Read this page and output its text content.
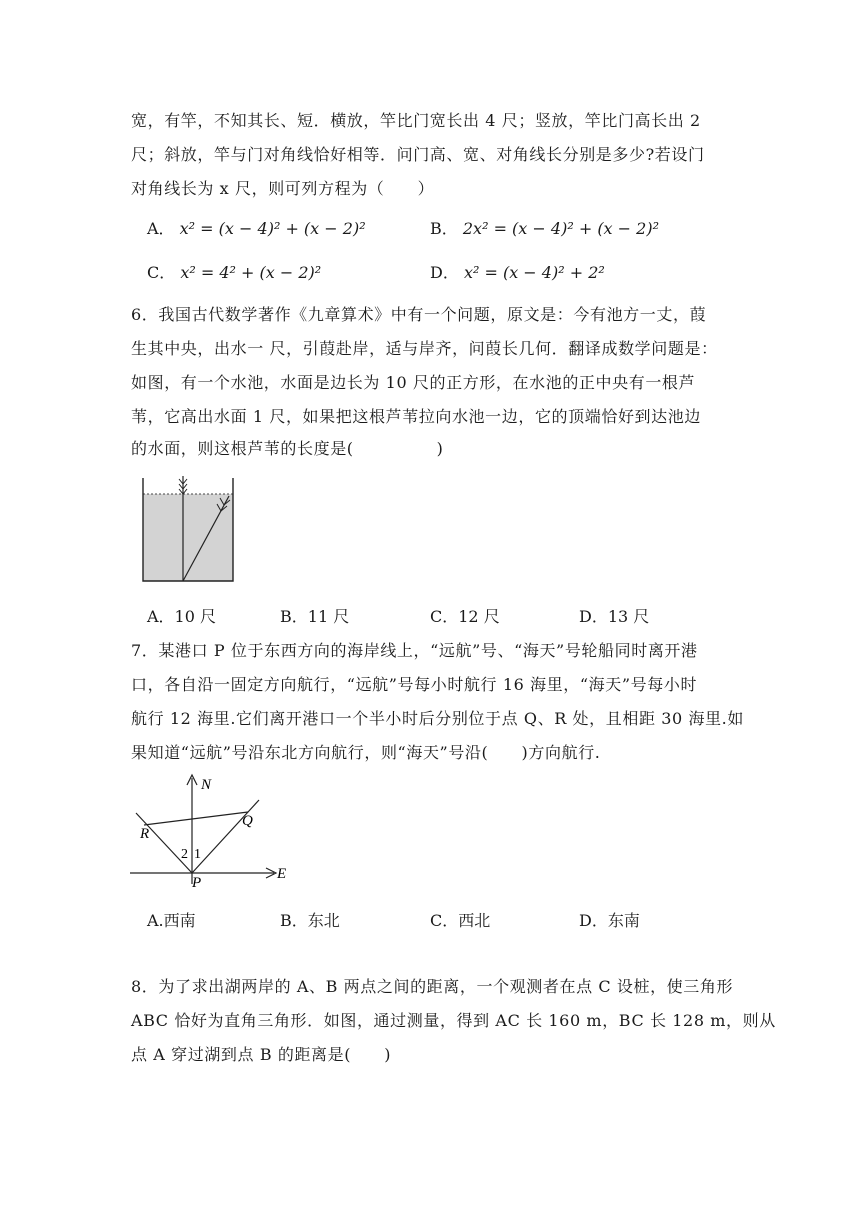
宽，有竿，不知其长、短．横放，竿比门宽长出 4 尺；竖放，竿比门高长出 2
尺；斜放，竿与门对角线恰好相等．问门高、宽、对角线长分别是多少?若设门
对角线长为 x 尺，则可列方程为（　　）
A． x² = (x − 4)² + (x − 2)²	B． 2x² = (x − 4)² + (x − 2)²
C． x² = 4² + (x − 2)²	D． x² = (x − 4)² + 2²
6．我国古代数学著作《九章算术》中有一个问题，原文是：今有池方一丈，葭
生其中央，出水一 尺，引葭赴岸，适与岸齐，问葭长几何．翻译成数学问题是：
如图，有一个水池，水面是边长为 10 尺的正方形，在水池的正中央有一根芦
苇，它高出水面 1 尺，如果把这根芦苇拉向水池一边，它的顶端恰好到达池边
的水面，则这根芦苇的长度是(　　　　　)
A．10 尺	B．11 尺	C．12 尺	D．13 尺
7．某港口 P 位于东西方向的海岸线上，“远航”号、“海天”号轮船同时离开港
口，各自沿一固定方向航行，“远航”号每小时航行 16 海里，“海天”号每小时
航行 12 海里.它们离开港口一个半小时后分别位于点 Q、R 处，且相距 30 海里.如
果知道“远航”号沿东北方向航行，则“海天”号沿(　　)方向航行.
N
E
P
Q
R
1
2
A.西南	B．东北	C．西北	D．东南
8．为了求出湖两岸的 A、B 两点之间的距离，一个观测者在点 C 设桩，使三角形
ABC 恰好为直角三角形．如图，通过测量，得到 AC 长 160 m，BC 长 128 m，则从
点 A 穿过湖到点 B 的距离是(　　)
